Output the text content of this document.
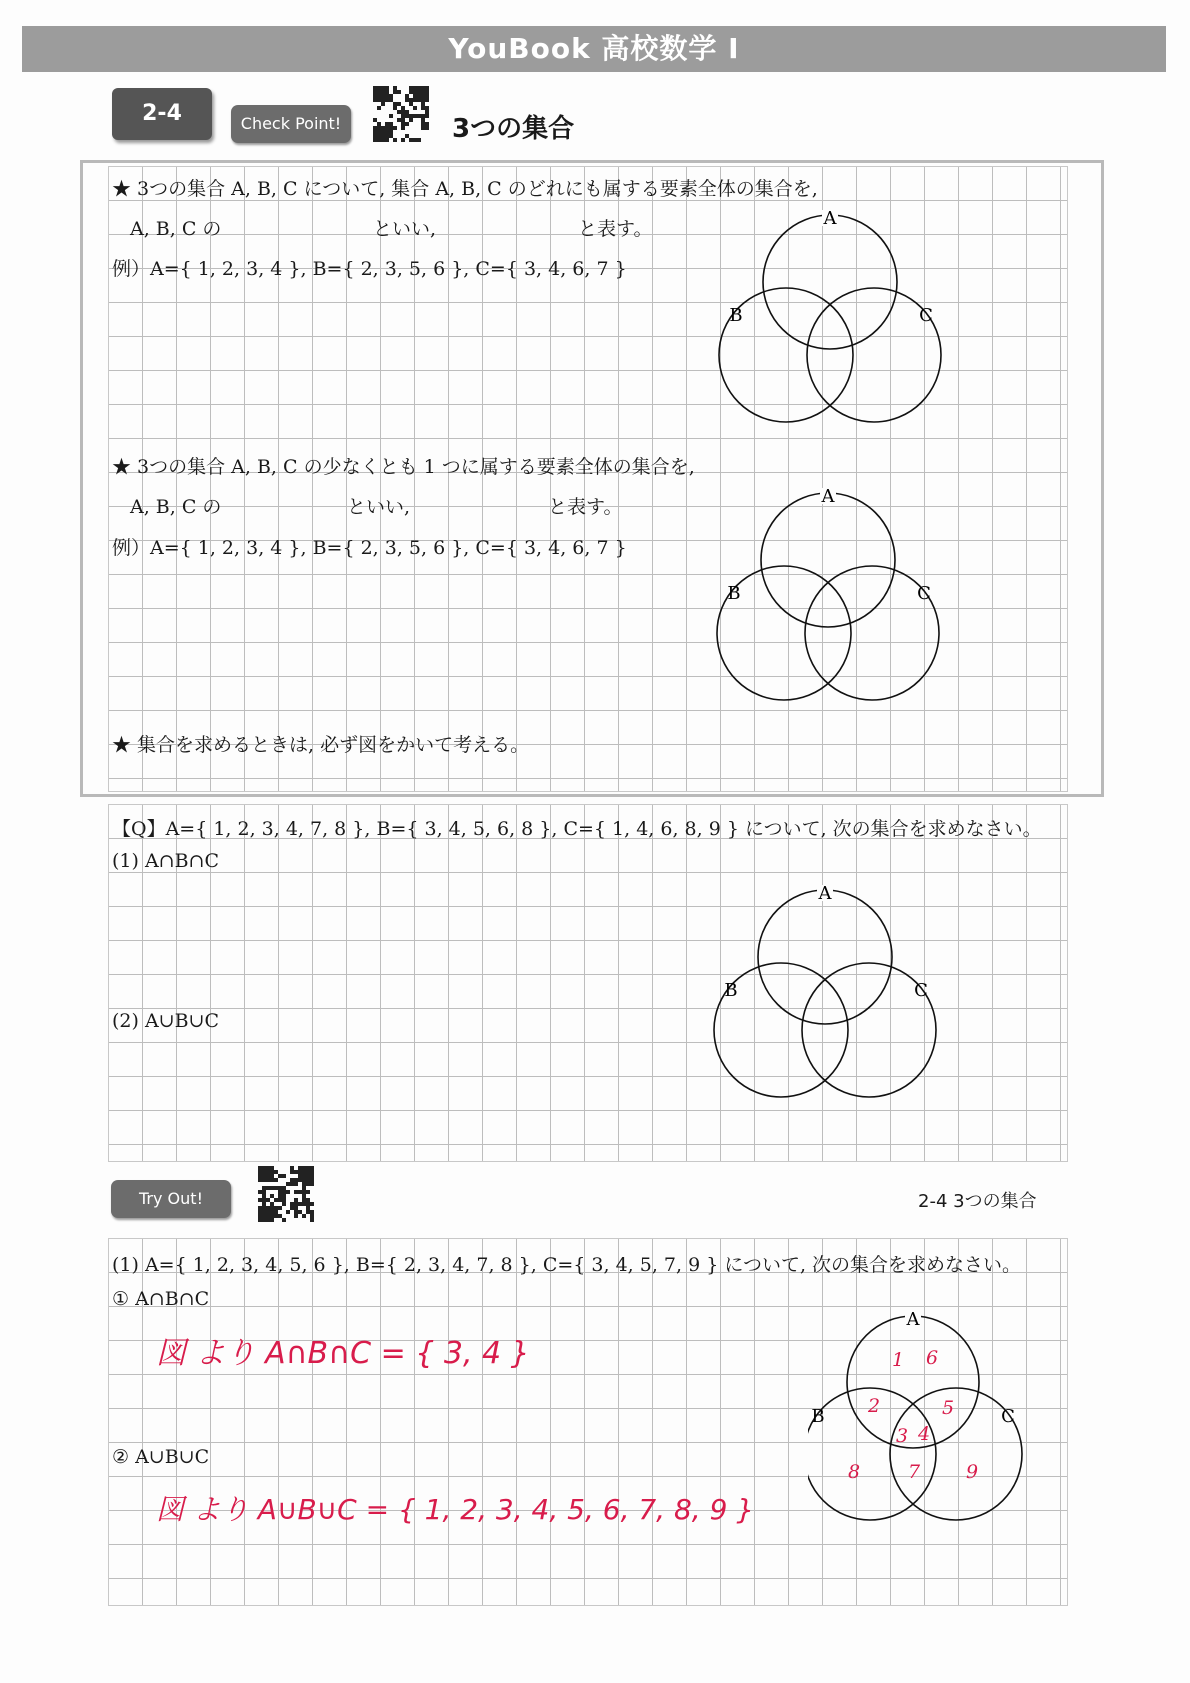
YouBook 高校数学 I
2-4	Check Point!	3つの集合
★ 3つの集合 A, B, C について, 集合 A, B, C のどれにも属する要素全体の集合を,
A, B, C の	といい,	と表す。
例）A={ 1, 2, 3, 4 }, B={ 2, 3, 5, 6 }, C={ 3, 4, 6, 7 }
A
B	C
★ 3つの集合 A, B, C の少なくとも 1 つに属する要素全体の集合を,
A, B, C の	といい,	と表す。
例）A={ 1, 2, 3, 4 }, B={ 2, 3, 5, 6 }, C={ 3, 4, 6, 7 }
A
B	C
★ 集合を求めるときは, 必ず図をかいて考える。
【Q】A={ 1, 2, 3, 4, 7, 8 }, B={ 3, 4, 5, 6, 8 }, C={ 1, 4, 6, 8, 9 } について, 次の集合を求めなさい。
(1) A∩B∩C
(2) A∪B∪C
A
B	C
Try Out!	2-4 3つの集合
(1) A={ 1, 2, 3, 4, 5, 6 }, B={ 2, 3, 4, 7, 8 }, C={ 3, 4, 5, 7, 9 } について, 次の集合を求めなさい。
① A∩B∩C
図 より A∩B∩C = { 3, 4 }
② A∪B∪C
図 より A∪B∪C = { 1, 2, 3, 4, 5, 6, 7, 8, 9 }
A
B	C
1 6
2	5
3 4
8	7 9
